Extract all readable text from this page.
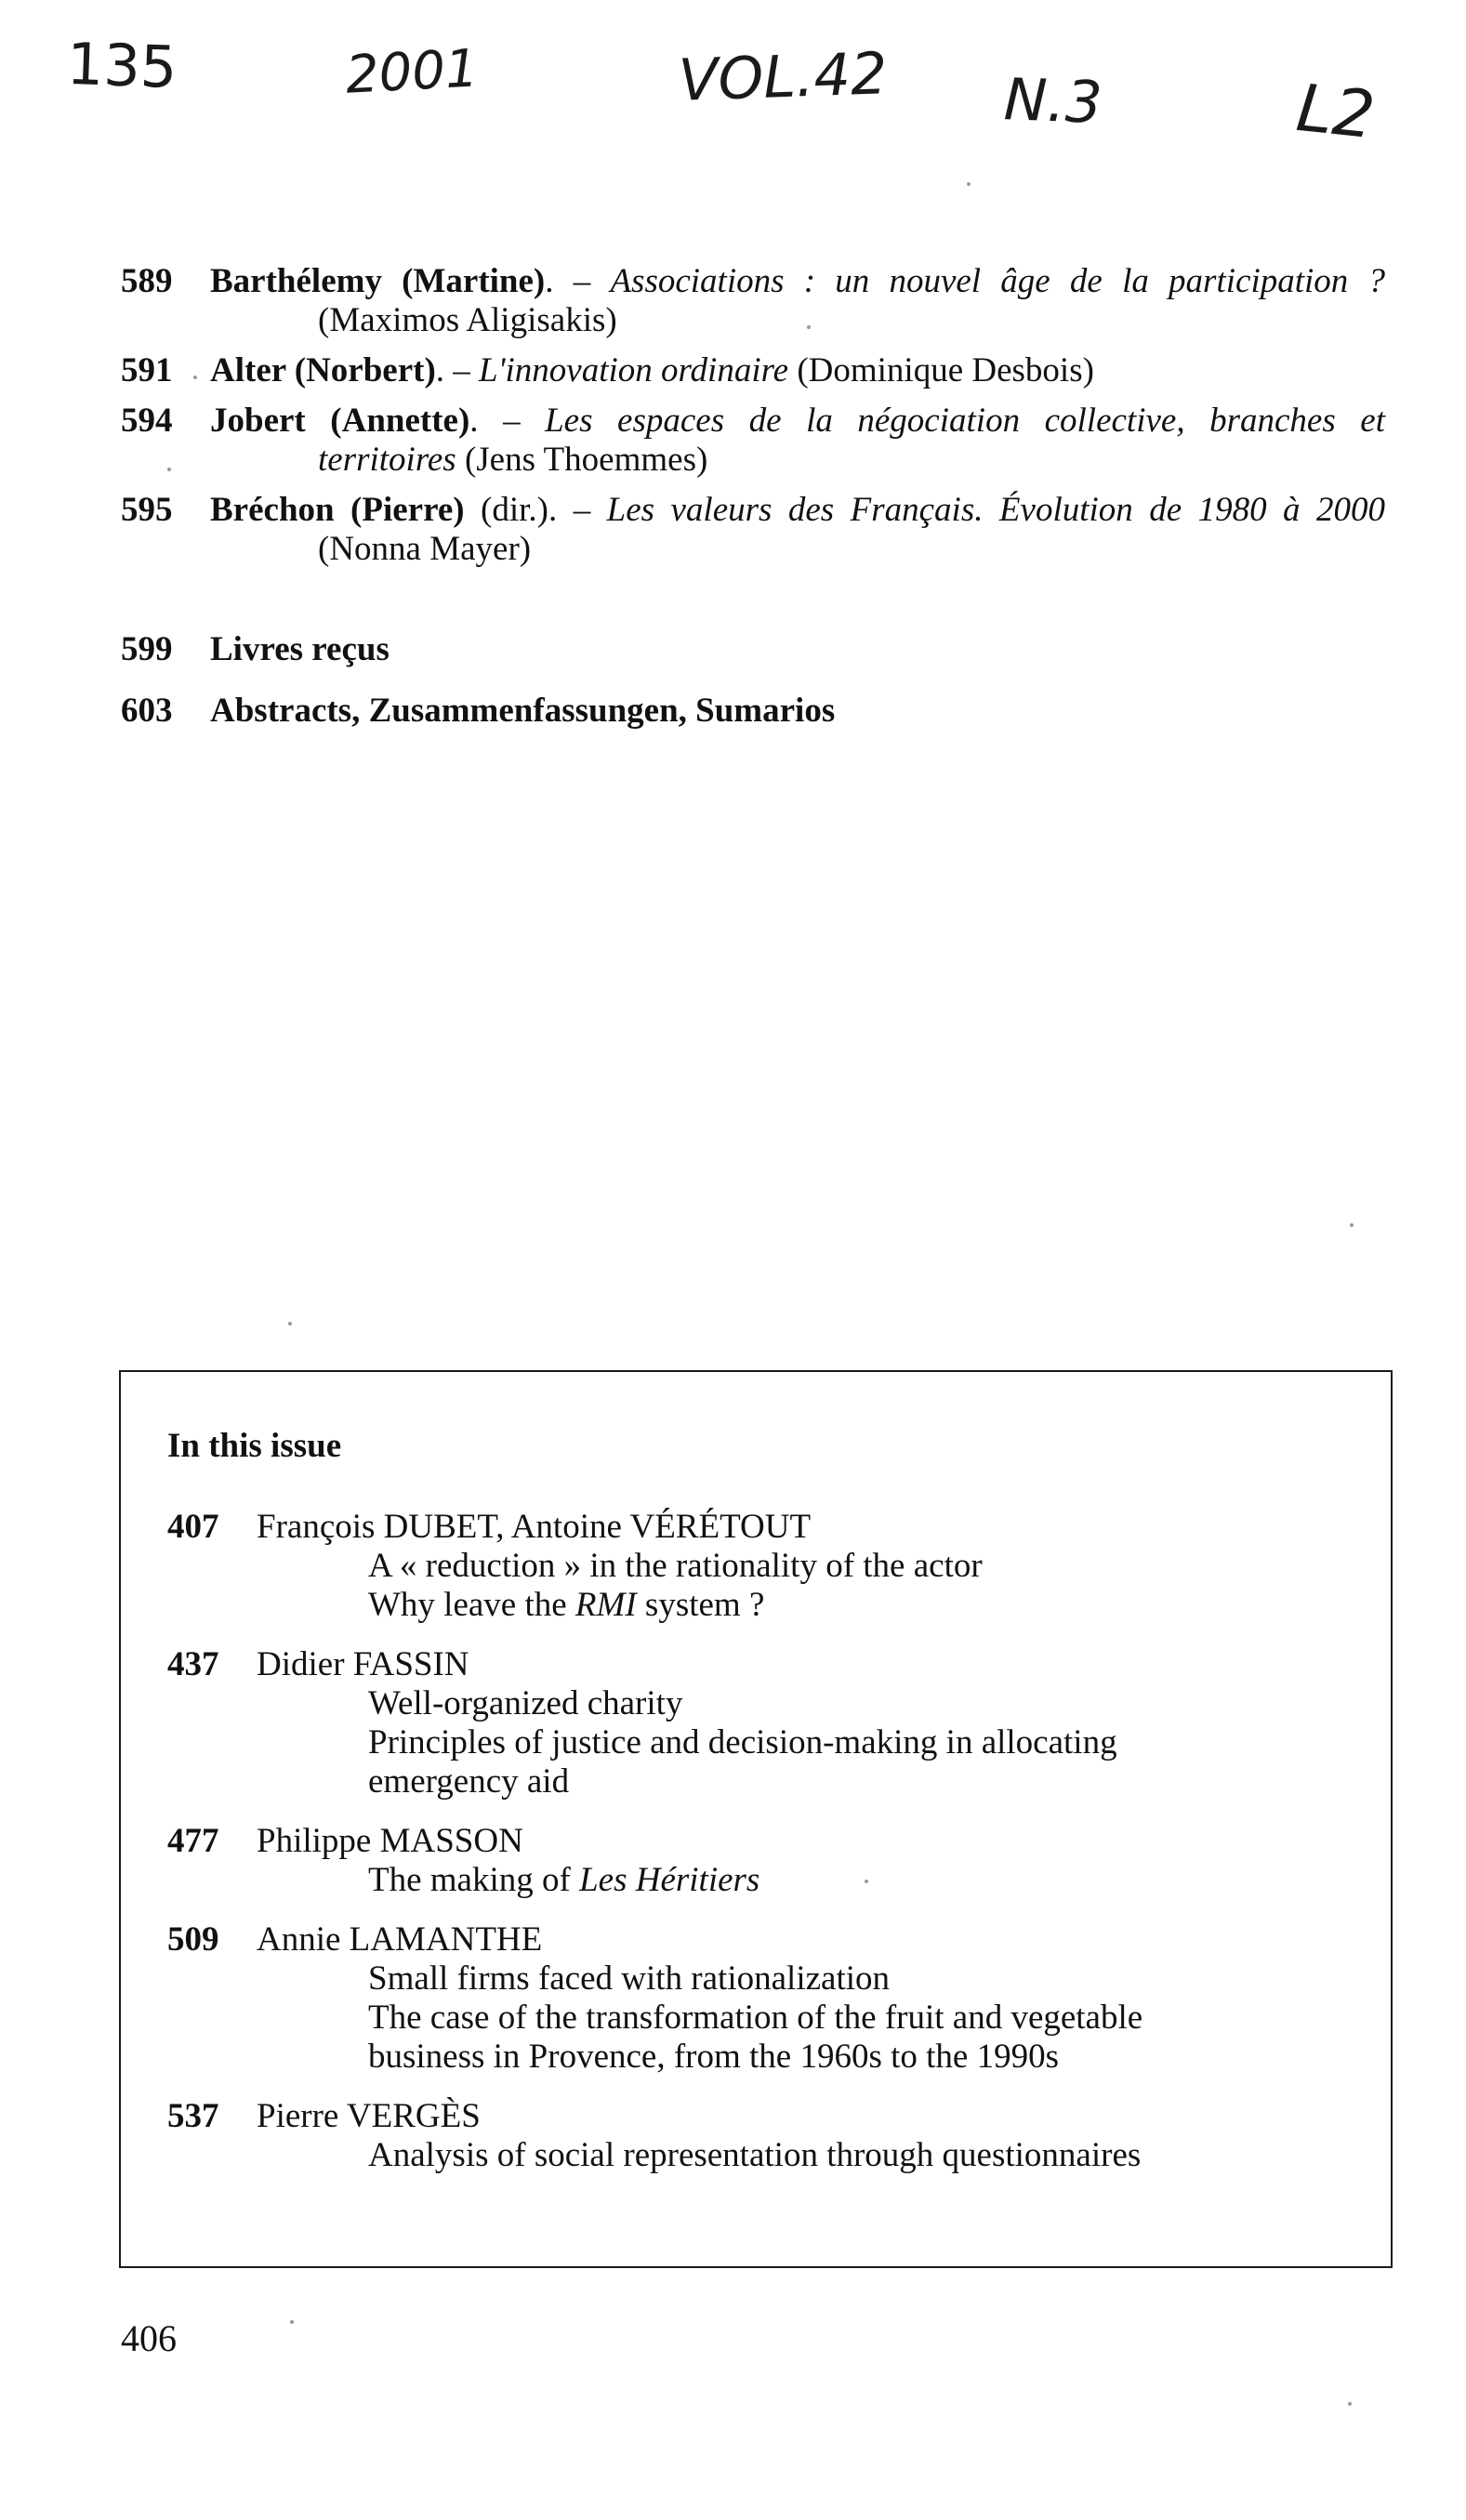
135	2001	VOL.42 N.3	L2
589 Barthélemy (Martine). – Associations : un nouvel âge de la participation ?
(Maximos Aligisakis)
591 Alter (Norbert). – L'innovation ordinaire (Dominique Desbois)
594 Jobert (Annette). – Les espaces de la négociation collective, branches et
territoires (Jens Thoemmes)
595 Bréchon (Pierre) (dir.). – Les valeurs des Français. Évolution de 1980 à 2000
(Nonna Mayer)
599 Livres reçus
603 Abstracts, Zusammenfassungen, Sumarios
In this issue
407 François DUBET, Antoine VÉRÉTOUT
A « reduction » in the rationality of the actor
Why leave the RMI system ?
437 Didier FASSIN
Well-organized charity
Principles of justice and decision-making in allocating
emergency aid
477 Philippe MASSON
The making of Les Héritiers
509 Annie LAMANTHE
Small firms faced with rationalization
The case of the transformation of the fruit and vegetable
business in Provence, from the 1960s to the 1990s
537 Pierre VERGÈS
Analysis of social representation through questionnaires
406
